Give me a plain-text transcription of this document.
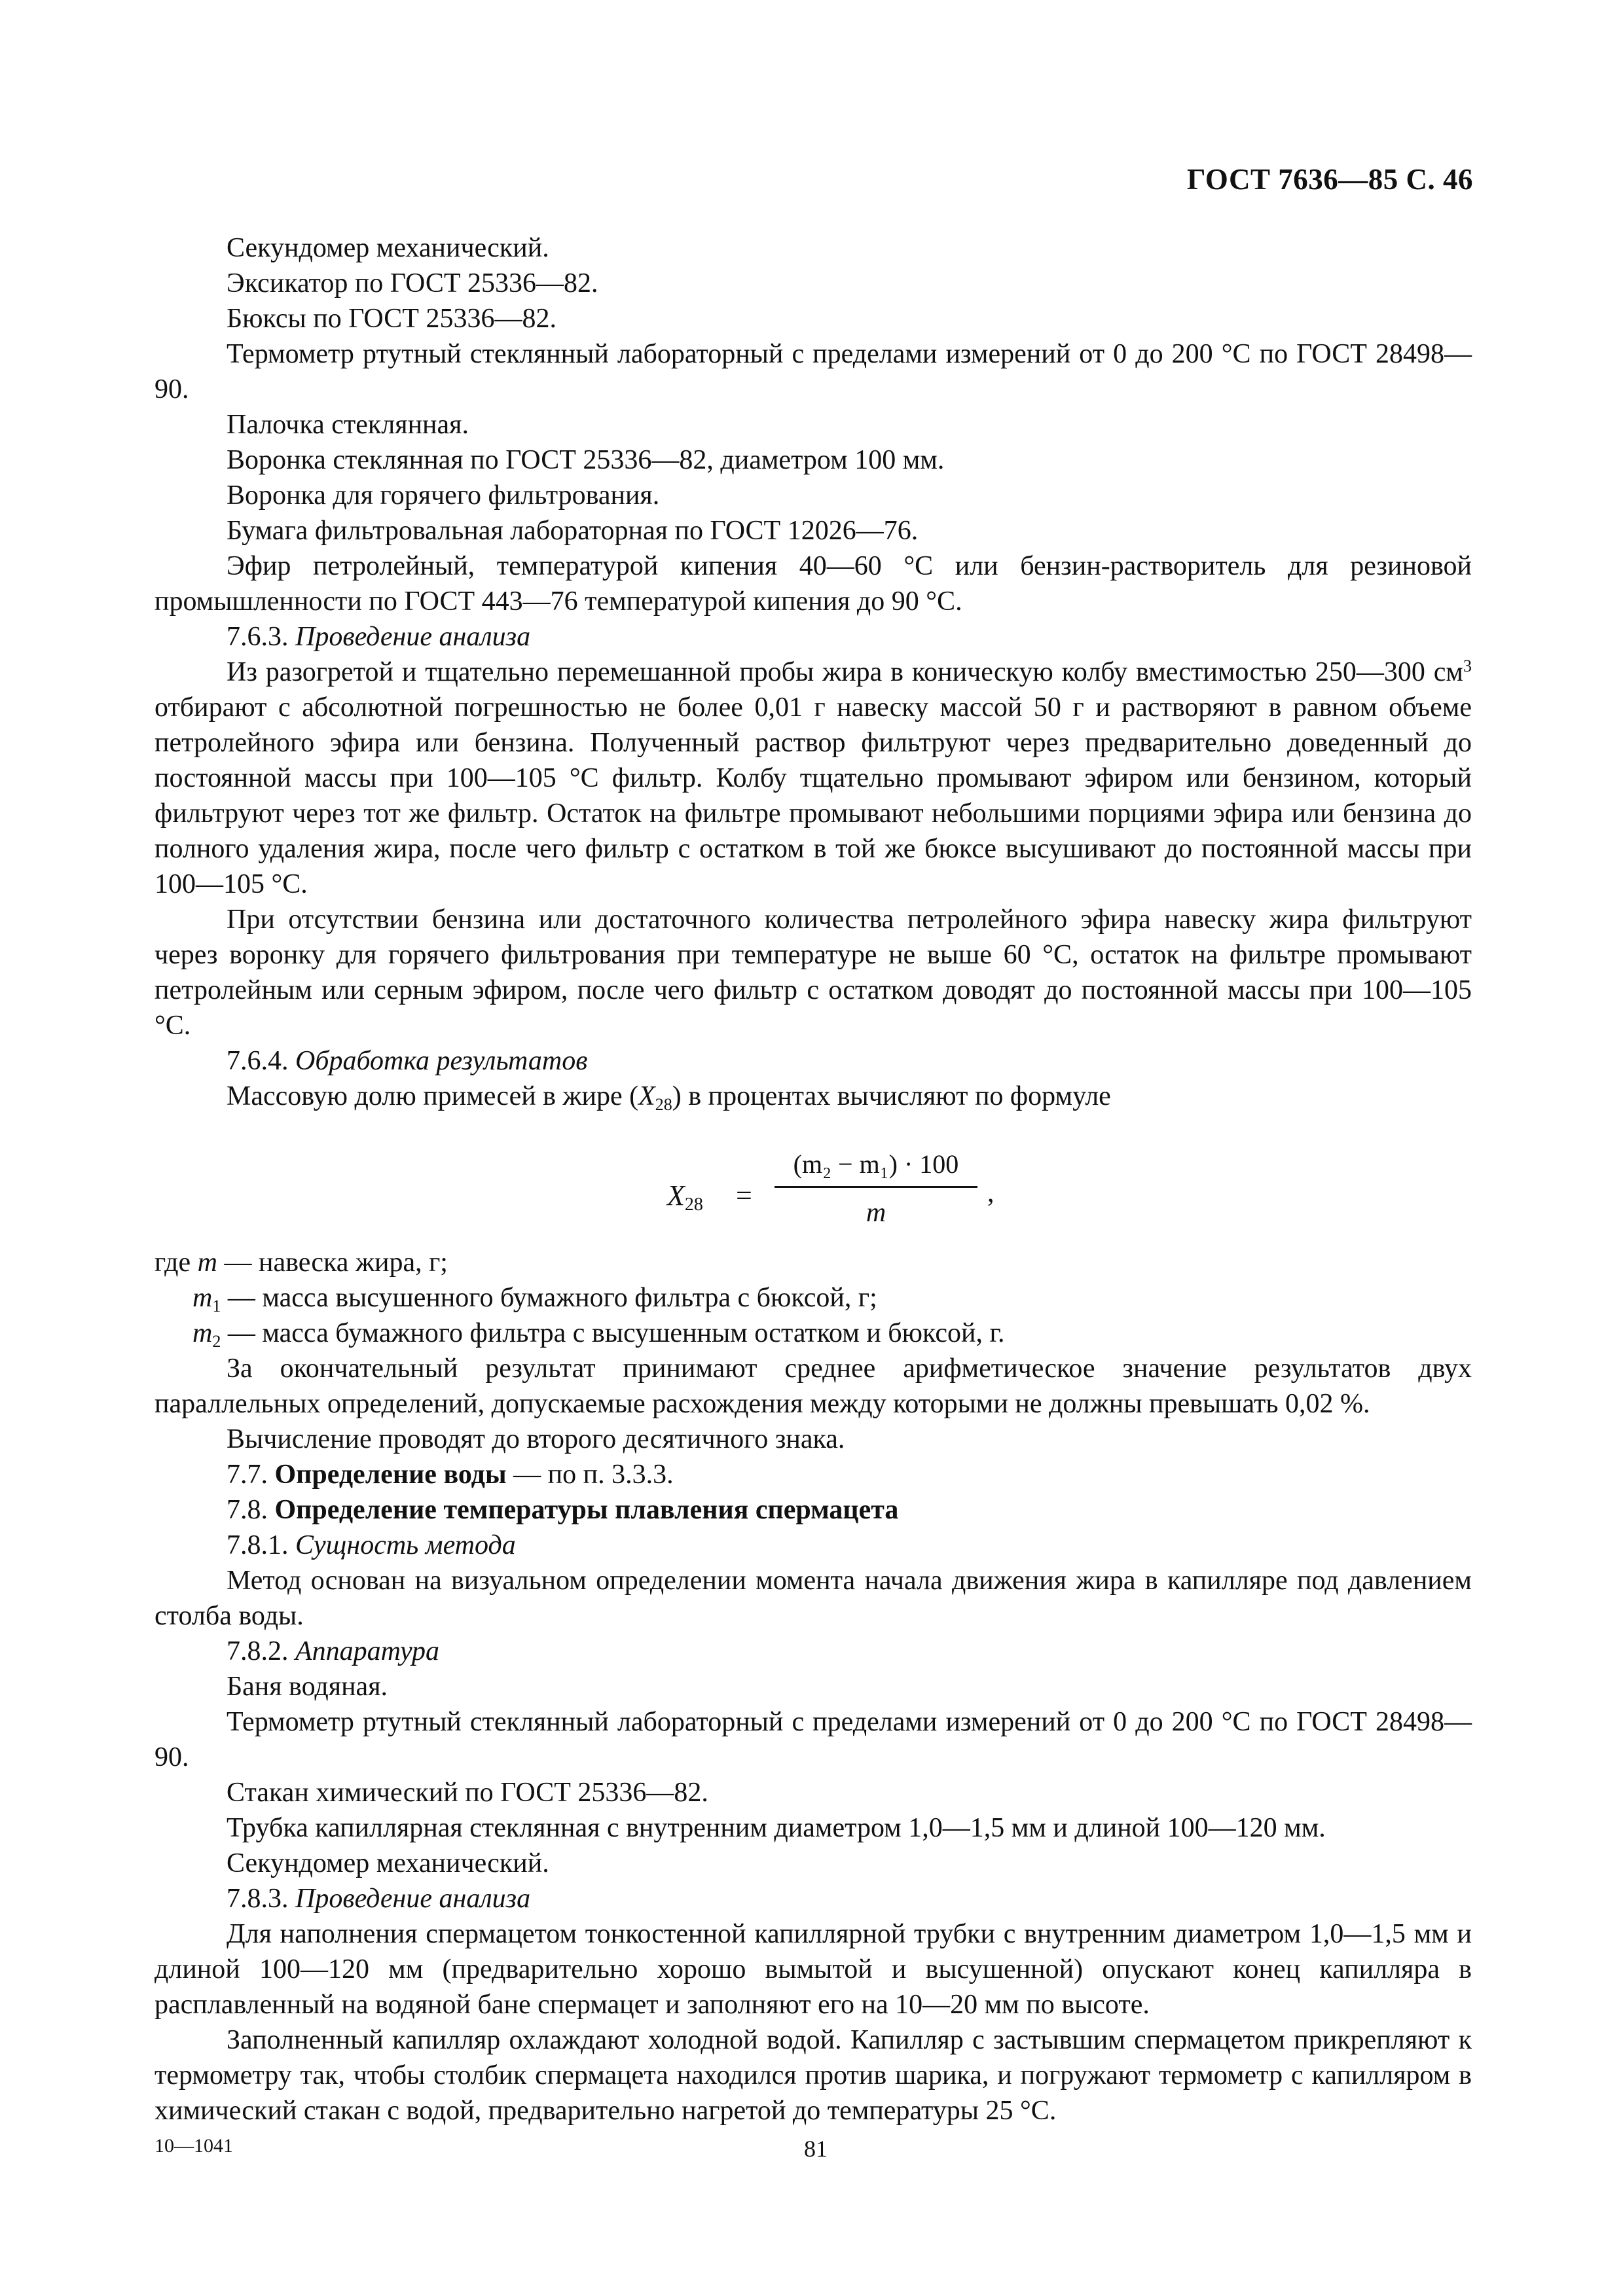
ГОСТ 7636—85 С. 46

Секундомер механический.

Эксикатор по ГОСТ 25336—82.

Бюксы по ГОСТ 25336—82.

Термометр ртутный стеклянный лабораторный с пределами измерений от 0 до 200 °С по ГОСТ 28498—90.

Палочка стеклянная.

Воронка стеклянная по ГОСТ 25336—82, диаметром 100 мм.

Воронка для горячего фильтрования.

Бумага фильтровальная лабораторная по ГОСТ 12026—76.

Эфир петролейный, температурой кипения 40—60 °С или бензин-растворитель для резиновой промышленности по ГОСТ 443—76 температурой кипения до 90 °С.

7.6.3. Проведение анализа

Из разогретой и тщательно перемешанной пробы жира в коническую колбу вместимостью 250—300 $см^3$ отбирают с абсолютной погрешностью не более 0,01 г навеску массой 50 г и растворяют в равном объеме петролейного эфира или бензина. Полученный раствор фильтруют через предварительно доведенный до постоянной массы при 100—105 °С фильтр. Колбу тщательно промывают эфиром или бензином, который фильтруют через тот же фильтр. Остаток на фильтре промывают небольшими порциями эфира или бензина до полного удаления жира, после чего фильтр с остатком в той же бюксе высушивают до постоянной массы при 100—105 °С.

При отсутствии бензина или достаточного количества петролейного эфира навеску жира фильтруют через воронку для горячего фильтрования при температуре не выше 60 °С, остаток на фильтре промывают петролейным или серным эфиром, после чего фильтр с остатком доводят до постоянной массы при 100—105 °С.

7.6.4. Обработка результатов

Массовую долю примесей в жире $(X_{28})$ в процентах вычисляют по формуле

$X_{28}$ =
(m₂ − m₁) · 100
m
,

где m — навеска жира, г;

$m_1$ — масса высушенного бумажного фильтра с бюксой, г;

$m_2$ — масса бумажного фильтра с высушенным остатком и бюксой, г.

За окончательный результат принимают среднее арифметическое значение результатов двух параллельных определений, допускаемые расхождения между которыми не должны превышать 0,02 %.

Вычисление проводят до второго десятичного знака.

7.7. Определение воды — по п. 3.3.3.

7.8. Определение температуры плавления спермацета

7.8.1. Сущность метода

Метод основан на визуальном определении момента начала движения жира в капилляре под давлением столба воды.

7.8.2. Аппаратура

Баня водяная.

Термометр ртутный стеклянный лабораторный с пределами измерений от 0 до 200 °С по ГОСТ 28498—90.

Стакан химический по ГОСТ 25336—82.

Трубка капиллярная стеклянная с внутренним диаметром 1,0—1,5 мм и длиной 100—120 мм.

Секундомер механический.

7.8.3. Проведение анализа

Для наполнения спермацетом тонкостенной капиллярной трубки с внутренним диаметром 1,0—1,5 мм и длиной 100—120 мм (предварительно хорошо вымытой и высушенной) опускают конец капилляра в расплавленный на водяной бане спермацет и заполняют его на 10—20 мм по высоте.

Заполненный капилляр охлаждают холодной водой. Капилляр с застывшим спермацетом прикрепляют к термометру так, чтобы столбик спермацета находился против шарика, и погружают термометр с капилляром в химический стакан с водой, предварительно нагретой до температуры 25 °С.

10—1041	81
